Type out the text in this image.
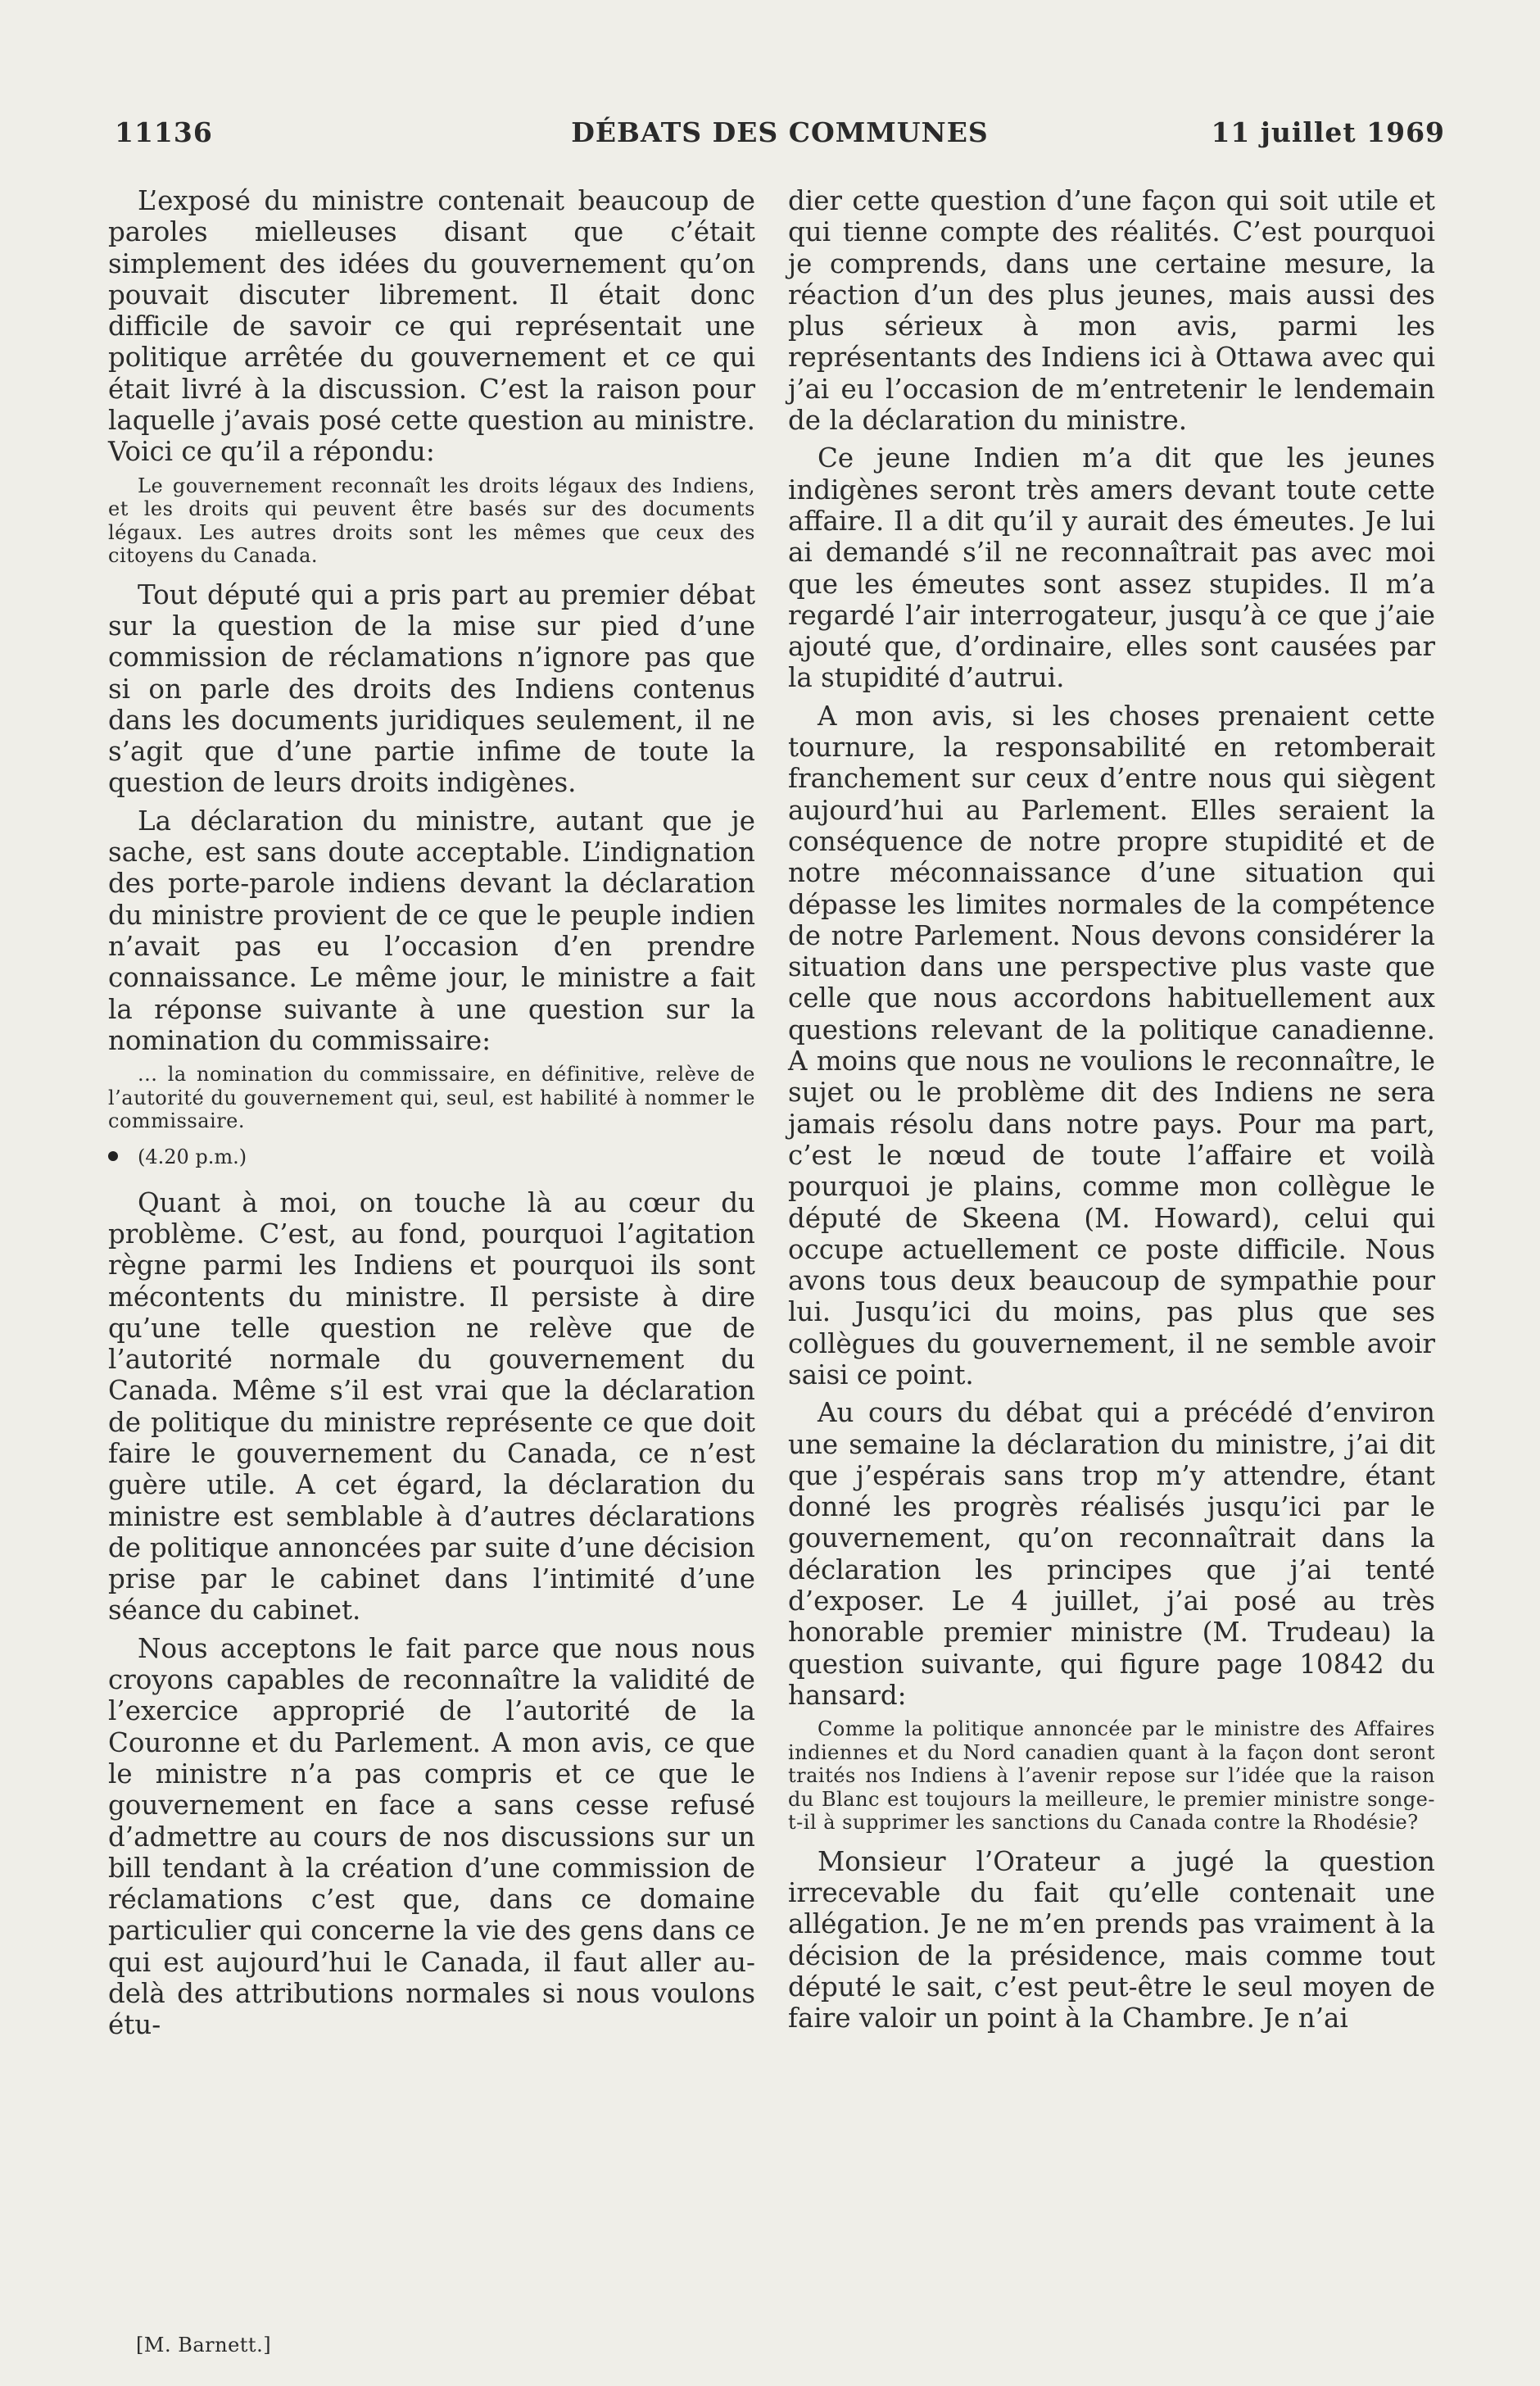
11136	DÉBATS DES COMMUNES	11 juillet 1969

L’exposé du ministre contenait beaucoup de paroles mielleuses disant que c’était simplement des idées du gouvernement qu’on pouvait discuter librement. Il était donc difficile de savoir ce qui représentait une politique arrêtée du gouvernement et ce qui était livré à la discussion. C’est la raison pour laquelle j’avais posé cette question au ministre. Voici ce qu’il a répondu:

Le gouvernement reconnaît les droits légaux des Indiens, et les droits qui peuvent être basés sur des documents légaux. Les autres droits sont les mêmes que ceux des citoyens du Canada.

Tout député qui a pris part au premier débat sur la question de la mise sur pied d’une commission de réclamations n’ignore pas que si on parle des droits des Indiens contenus dans les documents juridiques seulement, il ne s’agit que d’une partie infime de toute la question de leurs droits indigènes.

La déclaration du ministre, autant que je sache, est sans doute acceptable. L’indignation des porte-parole indiens devant la déclaration du ministre provient de ce que le peuple indien n’avait pas eu l’occasion d’en prendre connaissance. Le même jour, le ministre a fait la réponse suivante à une question sur la nomination du commissaire:

... la nomination du commissaire, en définitive, relève de l’autorité du gouvernement qui, seul, est habilité à nommer le commissaire.
(4.20 p.m.)

Quant à moi, on touche là au cœur du problème. C’est, au fond, pourquoi l’agitation règne parmi les Indiens et pourquoi ils sont mécontents du ministre. Il persiste à dire qu’une telle question ne relève que de l’autorité normale du gouvernement du Canada. Même s’il est vrai que la déclaration de politique du ministre représente ce que doit faire le gouvernement du Canada, ce n’est guère utile. A cet égard, la déclaration du ministre est semblable à d’autres déclarations de politique annoncées par suite d’une décision prise par le cabinet dans l’intimité d’une séance du cabinet.

Nous acceptons le fait parce que nous nous croyons capables de reconnaître la validité de l’exercice approprié de l’autorité de la Couronne et du Parlement. A mon avis, ce que le ministre n’a pas compris et ce que le gouvernement en face a sans cesse refusé d’admettre au cours de nos discussions sur un bill tendant à la création d’une commission de réclamations c’est que, dans ce domaine particulier qui concerne la vie des gens dans ce qui est aujourd’hui le Canada, il faut aller au-delà des attributions normales si nous voulons étu-

dier cette question d’une façon qui soit utile et qui tienne compte des réalités. C’est pourquoi je comprends, dans une certaine mesure, la réaction d’un des plus jeunes, mais aussi des plus sérieux à mon avis, parmi les représentants des Indiens ici à Ottawa avec qui j’ai eu l’occasion de m’entretenir le lendemain de la déclaration du ministre.

Ce jeune Indien m’a dit que les jeunes indigènes seront très amers devant toute cette affaire. Il a dit qu’il y aurait des émeutes. Je lui ai demandé s’il ne reconnaîtrait pas avec moi que les émeutes sont assez stupides. Il m’a regardé l’air interrogateur, jusqu’à ce que j’aie ajouté que, d’ordinaire, elles sont causées par la stupidité d’autrui.

A mon avis, si les choses prenaient cette tournure, la responsabilité en retomberait franchement sur ceux d’entre nous qui siègent aujourd’hui au Parlement. Elles seraient la conséquence de notre propre stupidité et de notre méconnaissance d’une situation qui dépasse les limites normales de la compétence de notre Parlement. Nous devons considérer la situation dans une perspective plus vaste que celle que nous accordons habituellement aux questions relevant de la politique canadienne. A moins que nous ne voulions le reconnaître, le sujet ou le problème dit des Indiens ne sera jamais résolu dans notre pays. Pour ma part, c’est le nœud de toute l’affaire et voilà pourquoi je plains, comme mon collègue le député de Skeena (M. Howard), celui qui occupe actuellement ce poste difficile. Nous avons tous deux beaucoup de sympathie pour lui. Jusqu’ici du moins, pas plus que ses collègues du gouvernement, il ne semble avoir saisi ce point.

Au cours du débat qui a précédé d’environ une semaine la déclaration du ministre, j’ai dit que j’espérais sans trop m’y attendre, étant donné les progrès réalisés jusqu’ici par le gouvernement, qu’on reconnaîtrait dans la déclaration les principes que j’ai tenté d’exposer. Le 4 juillet, j’ai posé au très honorable premier ministre (M. Trudeau) la question suivante, qui figure page 10842 du hansard:

Comme la politique annoncée par le ministre des Affaires indiennes et du Nord canadien quant à la façon dont seront traités nos Indiens à l’avenir repose sur l’idée que la raison du Blanc est toujours la meilleure, le premier ministre songe-t-il à supprimer les sanctions du Canada contre la Rhodésie?

Monsieur l’Orateur a jugé la question irrecevable du fait qu’elle contenait une allégation. Je ne m’en prends pas vraiment à la décision de la présidence, mais comme tout député le sait, c’est peut-être le seul moyen de faire valoir un point à la Chambre. Je n’ai

[M. Barnett.]
